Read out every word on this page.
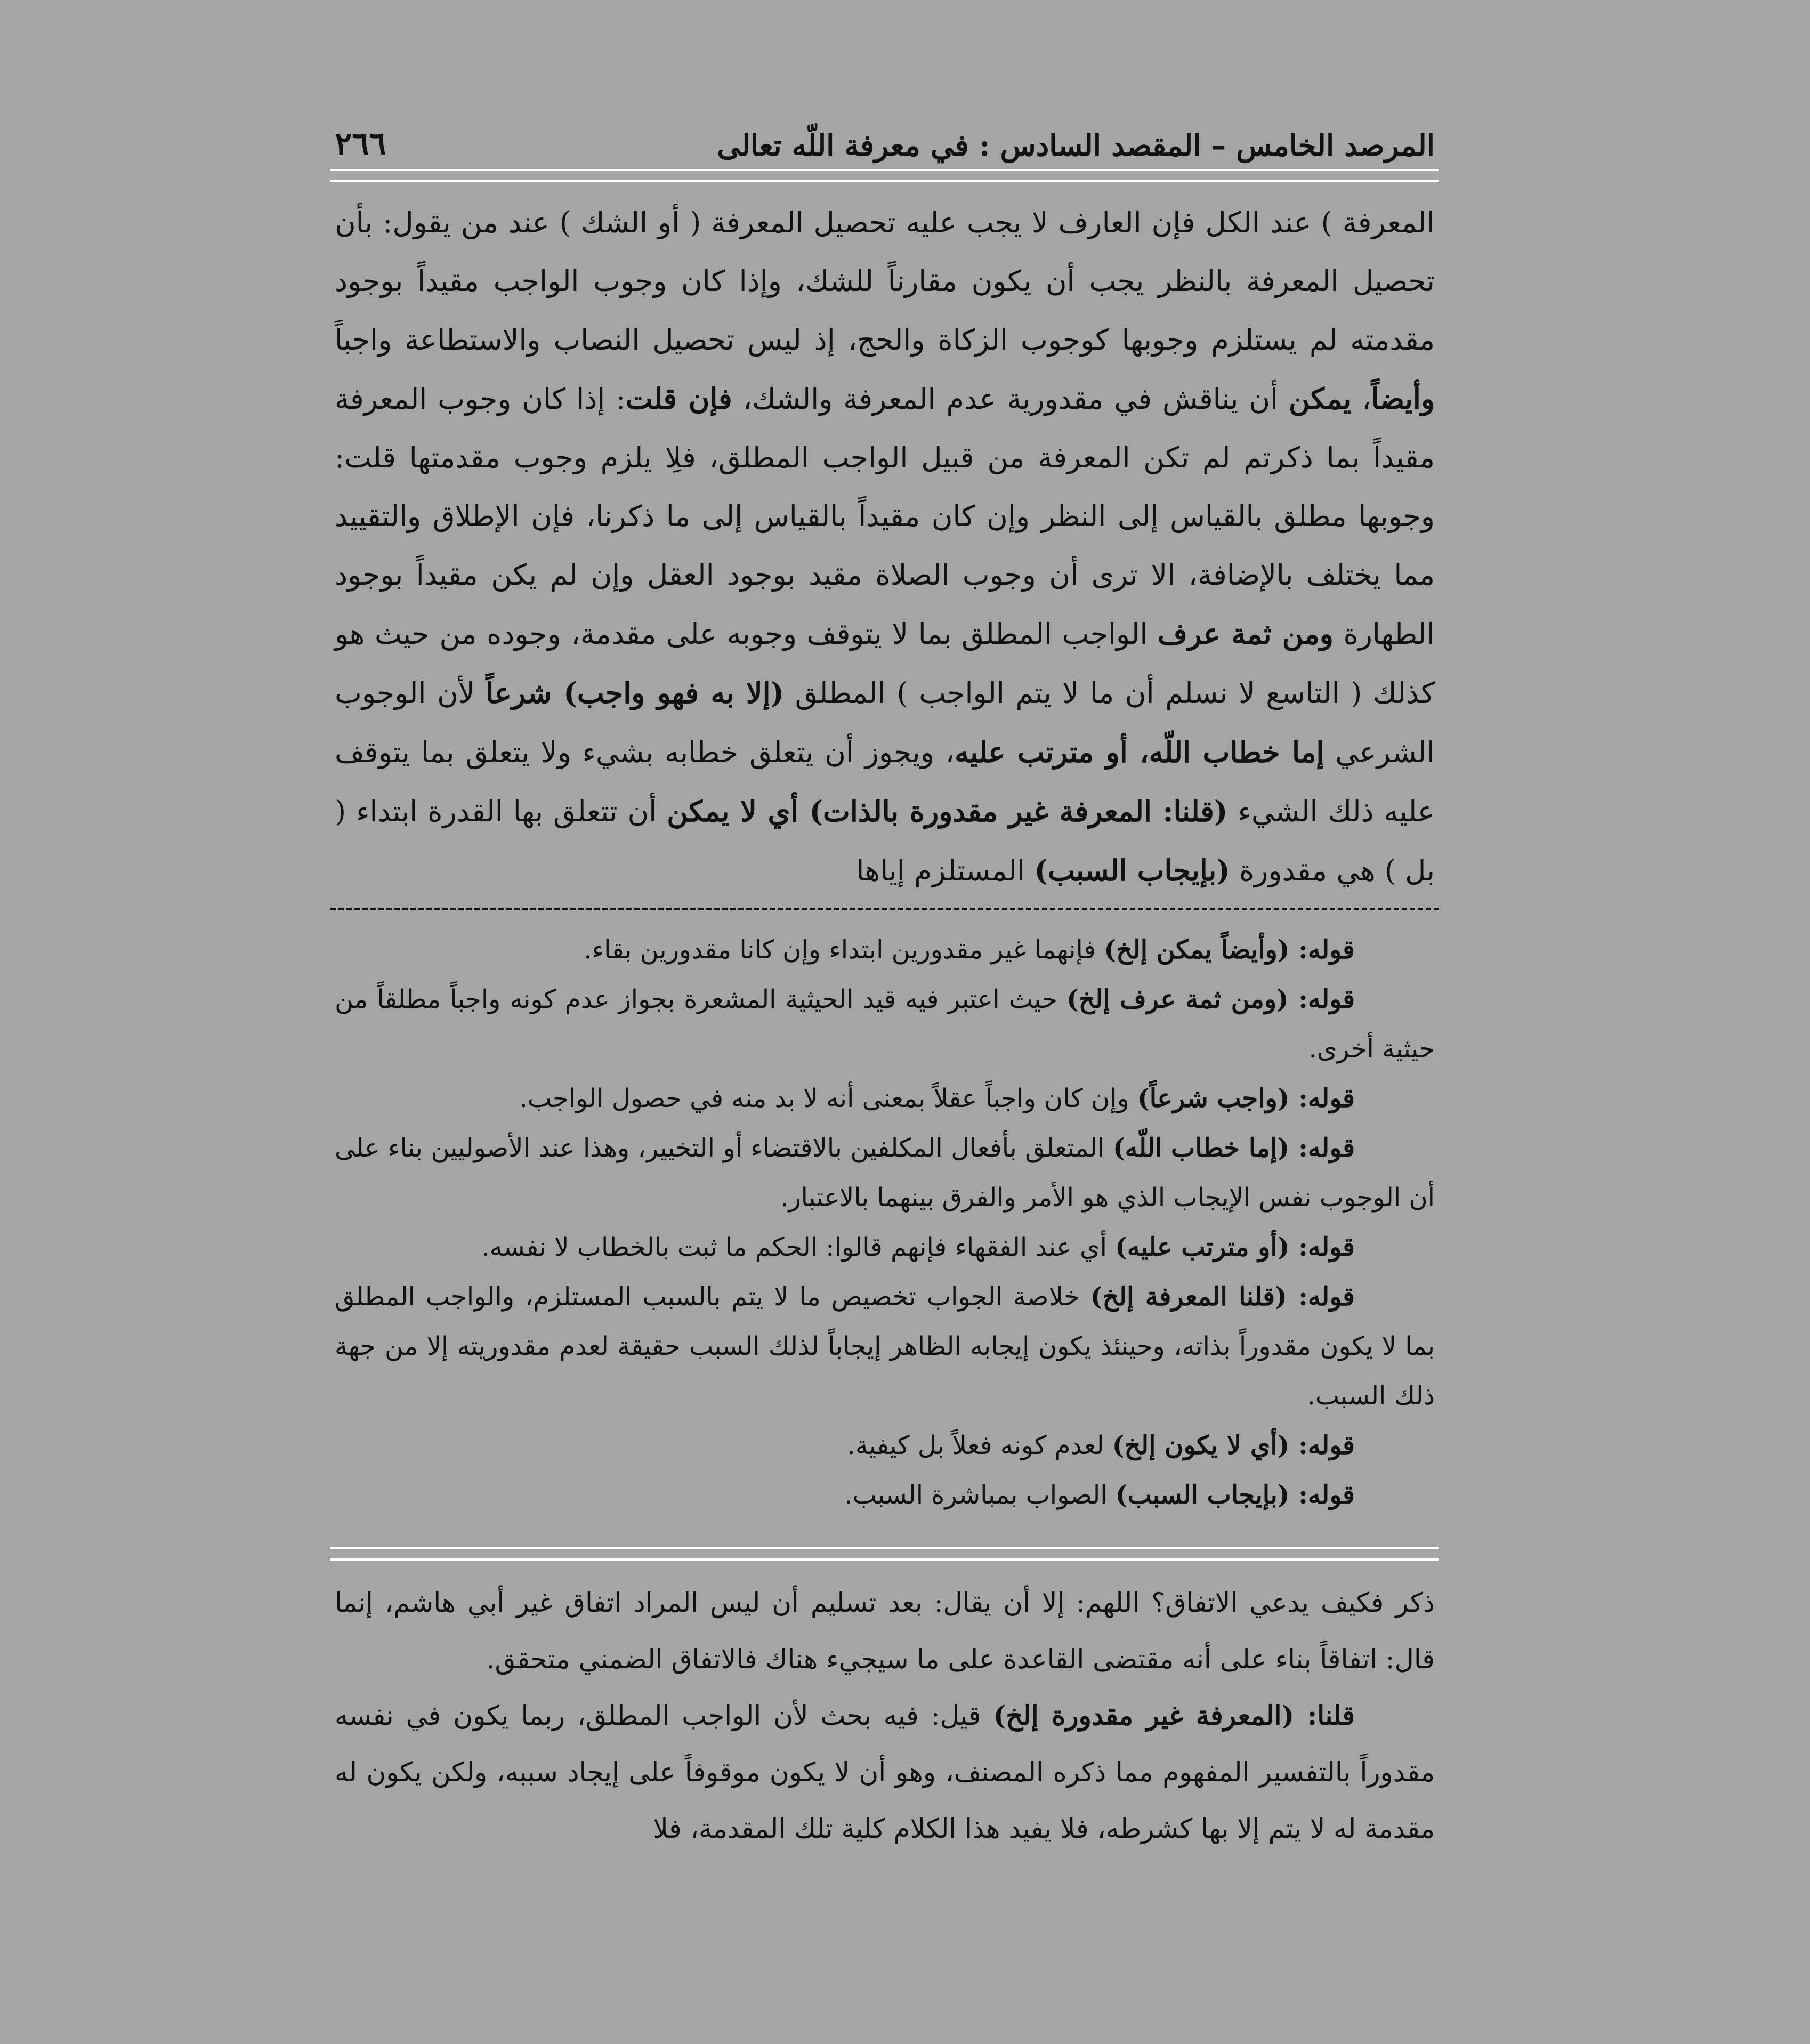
المرصد الخامس – المقصد السادس : في معرفة اللّه تعالى
٢٦٦
المعرفة ) عند الكل فإن العارف لا يجب عليه تحصيل المعرفة ( أو الشك ) عند من يقول: بأن تحصيل المعرفة بالنظر يجب أن يكون مقارناً للشك، وإذا كان وجوب الواجب مقيداً بوجود مقدمته لم يستلزم وجوبها كوجوب الزكاة والحج، إذ ليس تحصيل النصاب والاستطاعة واجباً وأيضاً، يمكن أن يناقش في مقدورية عدم المعرفة والشك، فإن قلت: إذا كان وجوب المعرفة مقيداً بما ذكرتم لم تكن المعرفة من قبيل الواجب المطلق، فلِا يلزم وجوب مقدمتها قلت: وجوبها مطلق بالقياس إلى النظر وإن كان مقيداً بالقياس إلى ما ذكرنا، فإن الإطلاق والتقييد مما يختلف بالإضافة، الا ترى أن وجوب الصلاة مقيد بوجود العقل وإن لم يكن مقيداً بوجود الطهارة ومن ثمة عرف الواجب المطلق بما لا يتوقف وجوبه على مقدمة، وجوده من حيث هو كذلك ( التاسع لا نسلم أن ما لا يتم الواجب ) المطلق (إلا به فهو واجب) شرعاً لأن الوجوب الشرعي إما خطاب اللّه، أو مترتب عليه، ويجوز أن يتعلق خطابه بشيء ولا يتعلق بما يتوقف عليه ذلك الشيء (قلنا: المعرفة غير مقدورة بالذات) أي لا يمكن أن تتعلق بها القدرة ابتداء ( بل ) هي مقدورة (بإيجاب السبب) المستلزم إياها

قوله: (وأيضاً يمكن إلخ) فإنهما غير مقدورين ابتداء وإن كانا مقدورين بقاء.

قوله: (ومن ثمة عرف إلخ) حيث اعتبر فيه قيد الحيثية المشعرة بجواز عدم كونه واجباً مطلقاً من حيثية أخرى.

قوله: (واجب شرعاً) وإن كان واجباً عقلاً بمعنى أنه لا بد منه في حصول الواجب.

قوله: (إما خطاب اللّه) المتعلق بأفعال المكلفين بالاقتضاء أو التخيير، وهذا عند الأصوليين بناء على أن الوجوب نفس الإيجاب الذي هو الأمر والفرق بينهما بالاعتبار.

قوله: (أو مترتب عليه) أي عند الفقهاء فإنهم قالوا: الحكم ما ثبت بالخطاب لا نفسه.

قوله: (قلنا المعرفة إلخ) خلاصة الجواب تخصيص ما لا يتم بالسبب المستلزم، والواجب المطلق بما لا يكون مقدوراً بذاته، وحينئذ يكون إيجابه الظاهر إيجاباً لذلك السبب حقيقة لعدم مقدوريته إلا من جهة ذلك السبب.

قوله: (أي لا يكون إلخ) لعدم كونه فعلاً بل كيفية.

قوله: (بإيجاب السبب) الصواب بمباشرة السبب.

ذكر فكيف يدعي الاتفاق؟ اللهم: إلا أن يقال: بعد تسليم أن ليس المراد اتفاق غير أبي هاشم، إنما قال: اتفاقاً بناء على أنه مقتضى القاعدة على ما سيجيء هناك فالاتفاق الضمني متحقق.

قلنا: (المعرفة غير مقدورة إلخ) قيل: فيه بحث لأن الواجب المطلق، ربما يكون في نفسه مقدوراً بالتفسير المفهوم مما ذكره المصنف، وهو أن لا يكون موقوفاً على إيجاد سببه، ولكن يكون له مقدمة له لا يتم إلا بها كشرطه، فلا يفيد هذا الكلام كلية تلك المقدمة، فلا
